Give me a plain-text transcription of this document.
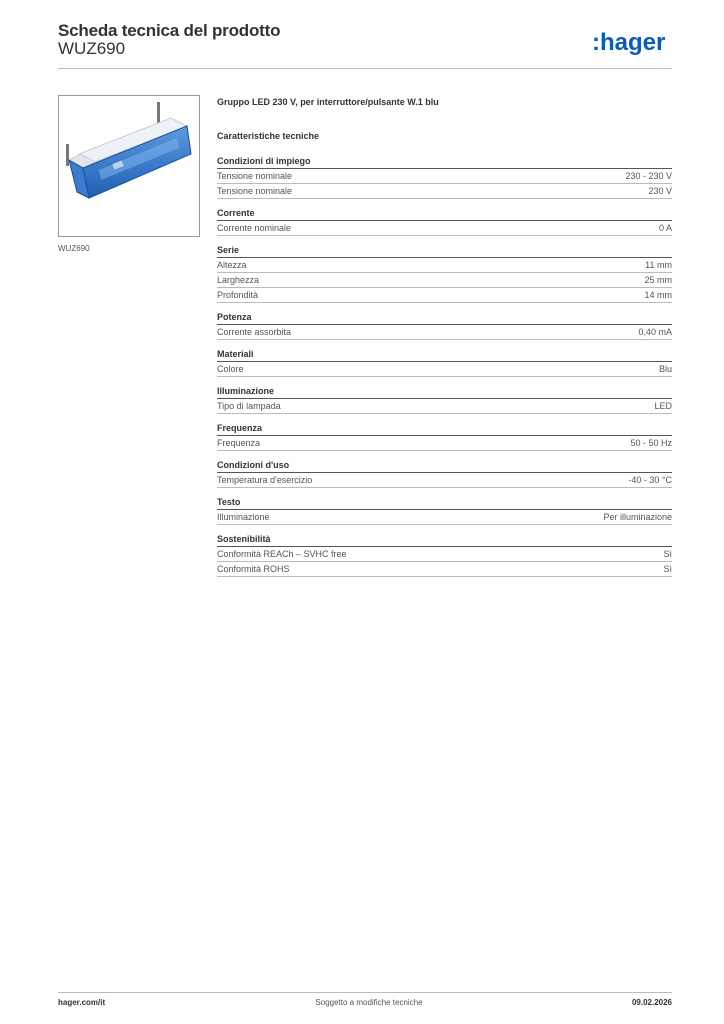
Scheda tecnica del prodotto
WUZ690	:hager
WUZ690
Gruppo LED 230 V, per interruttore/pulsante W.1 blu
Caratteristiche tecniche
Condizioni di impiego
Tensione nominale	230 - 230 V
Tensione nominale	230 V
Corrente
Corrente nominale	0 A
Serie
Altezza	11 mm
Larghezza	25 mm
Profondità	14 mm
Potenza
Corrente assorbita	0,40 mA
Materiali
Colore	Blu
Illuminazione
Tipo di lampada	LED
Frequenza
Frequenza	50 - 50 Hz
Condizioni d'uso
Temperatura d'esercizio	-40 - 30 °C
Testo
Illuminazione	Per illuminazione
Sostenibilità
Conformità REACh – SVHC free	Sì
Conformità ROHS	Sì
hager.com/it	Soggetto a modifiche tecniche	09.02.2026
